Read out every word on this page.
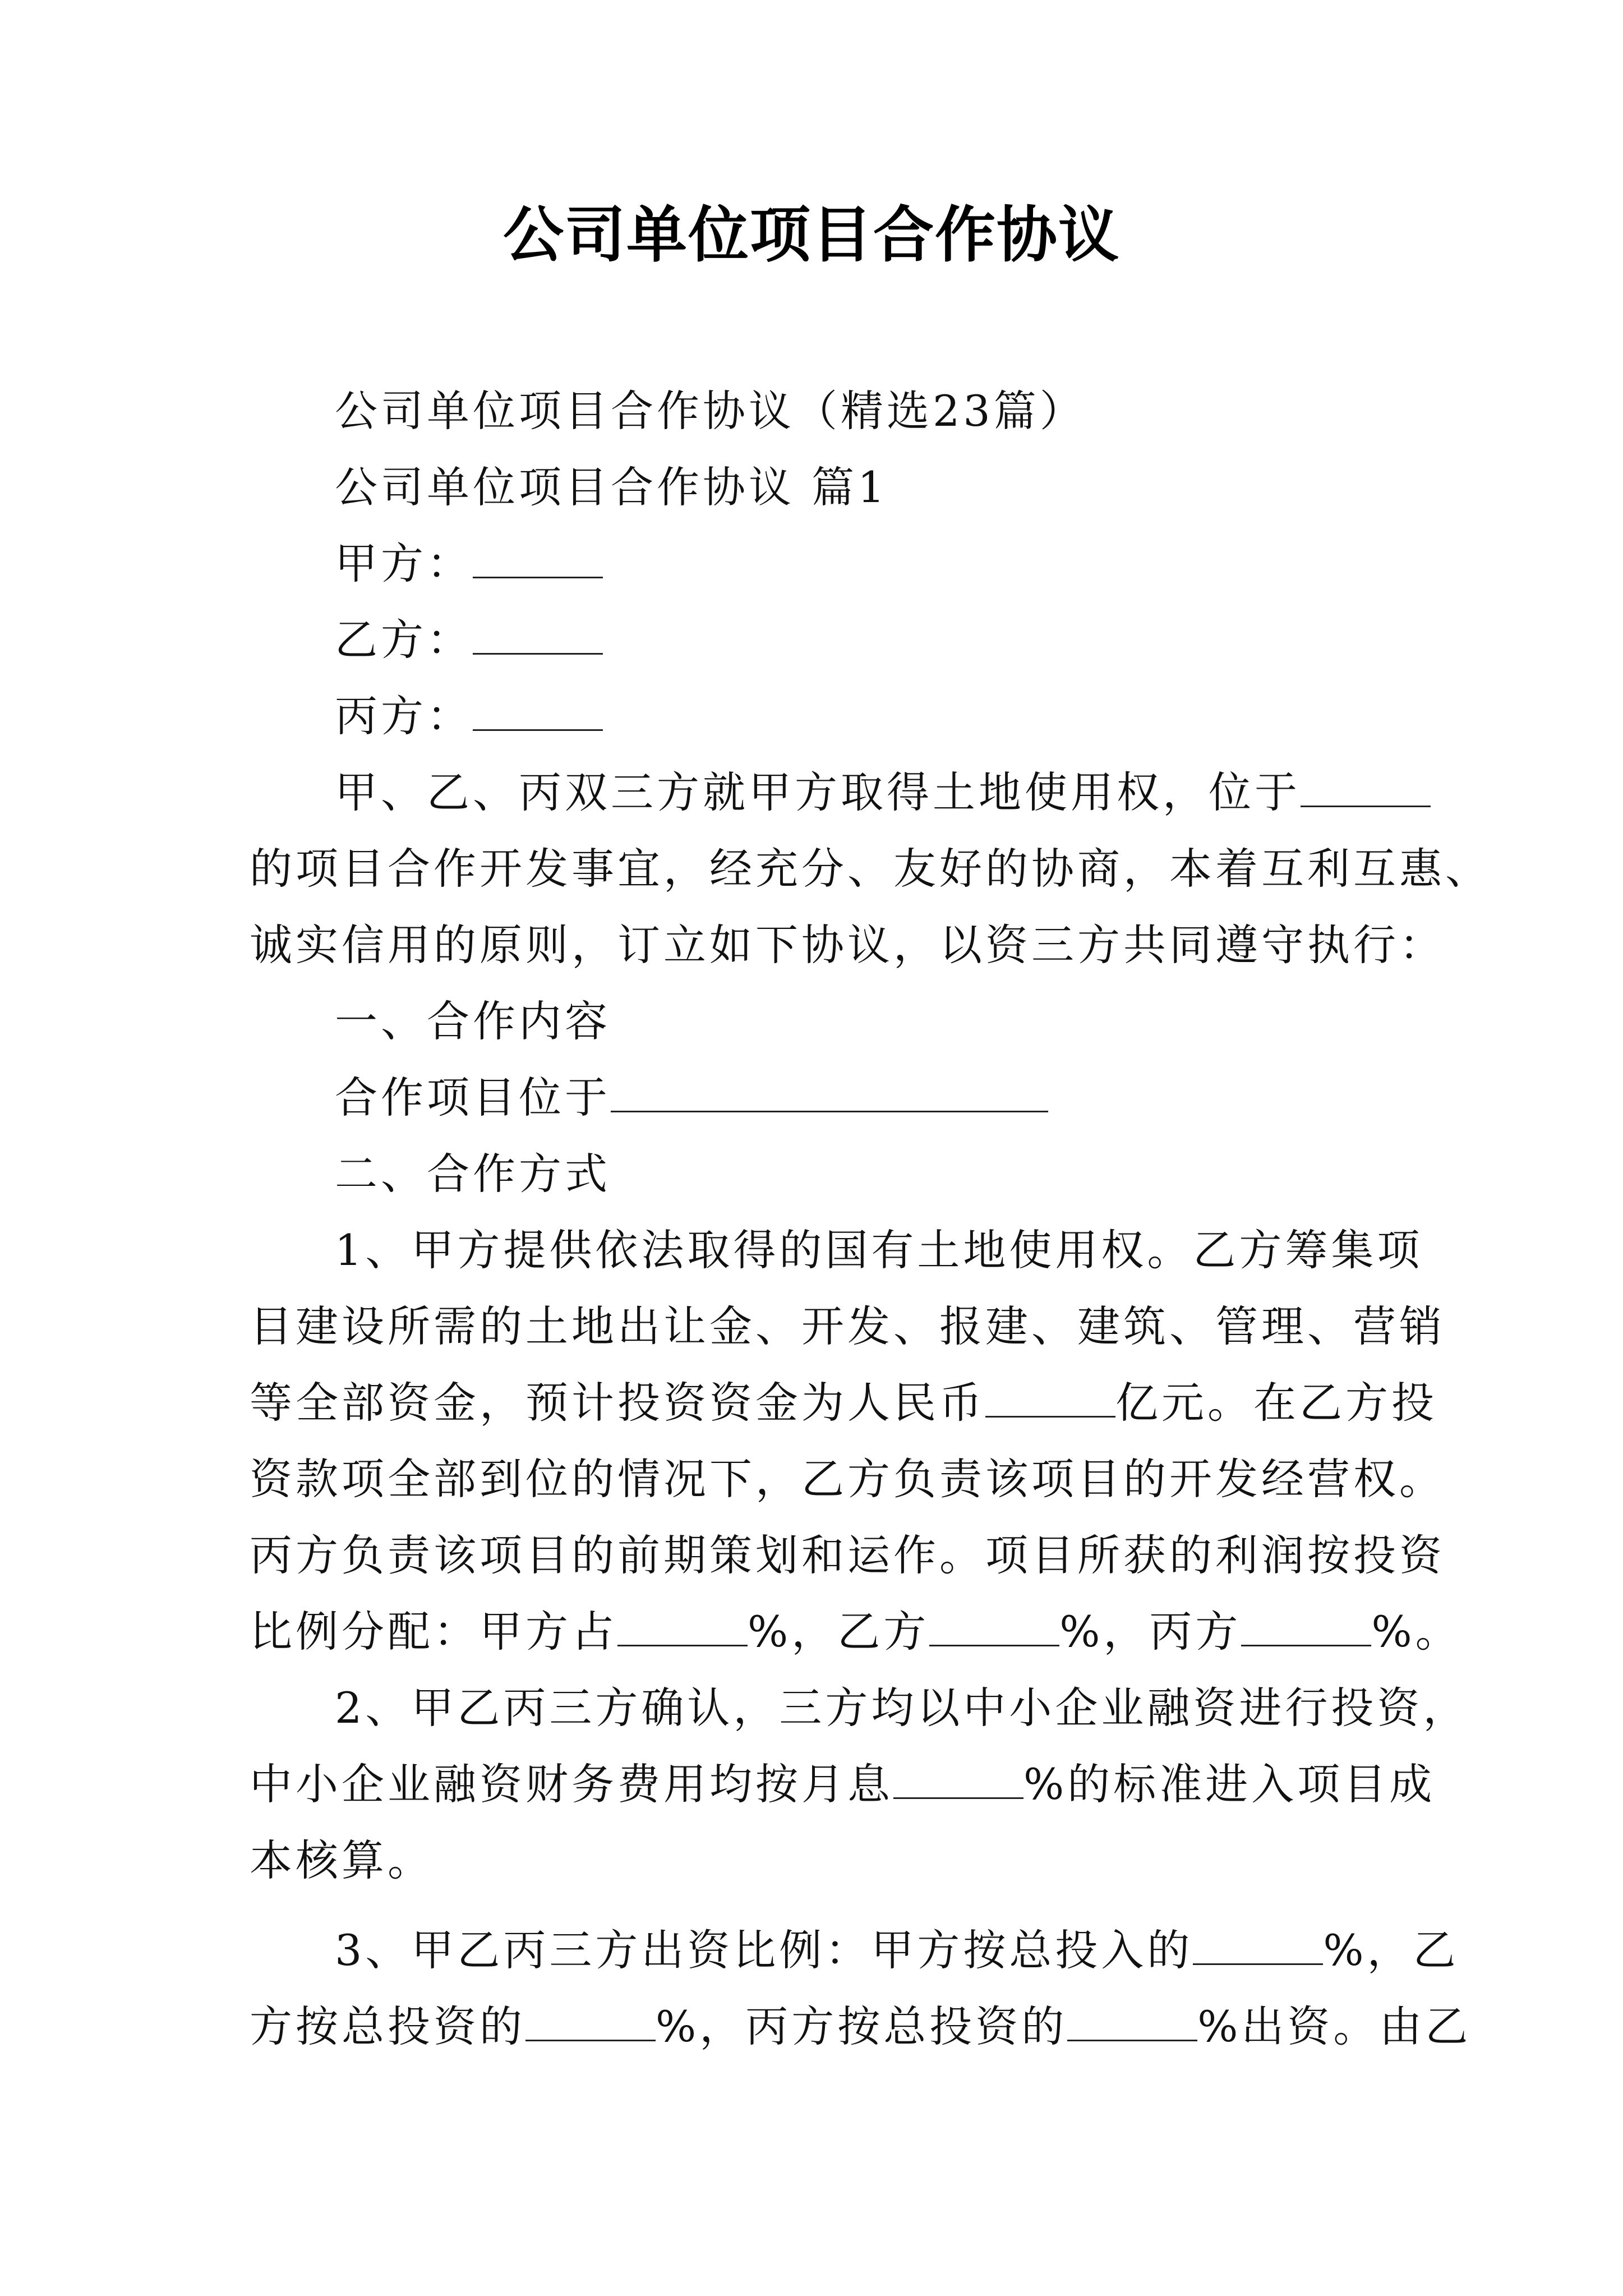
公司单位项目合作协议

公司单位项目合作协议（精选23篇）

公司单位项目合作协议 篇1

甲方：

乙方：

丙方：

甲、乙、丙双三方就甲方取得土地使用权，位于

的项目合作开发事宜，经充分、友好的协商，本着互利互惠、

诚实信用的原则，订立如下协议，以资三方共同遵守执行：

一、合作内容

合作项目位于

二、合作方式

1、甲方提供依法取得的国有土地使用权。乙方筹集项

目建设所需的土地出让金、开发、报建、建筑、管理、营销

等全部资金，预计投资资金为人民币	亿元。在乙方投

资款项全部到位的情况下，乙方负责该项目的开发经营权。

丙方负责该项目的前期策划和运作。项目所获的利润按投资

比例分配：甲方占	%，乙方	%，丙方	%。

2、甲乙丙三方确认，三方均以中小企业融资进行投资，

中小企业融资财务费用均按月息	%的标准进入项目成

本核算。

3、甲乙丙三方出资比例：甲方按总投入的	%，乙

方按总投资的	%，丙方按总投资的	%出资。由乙
